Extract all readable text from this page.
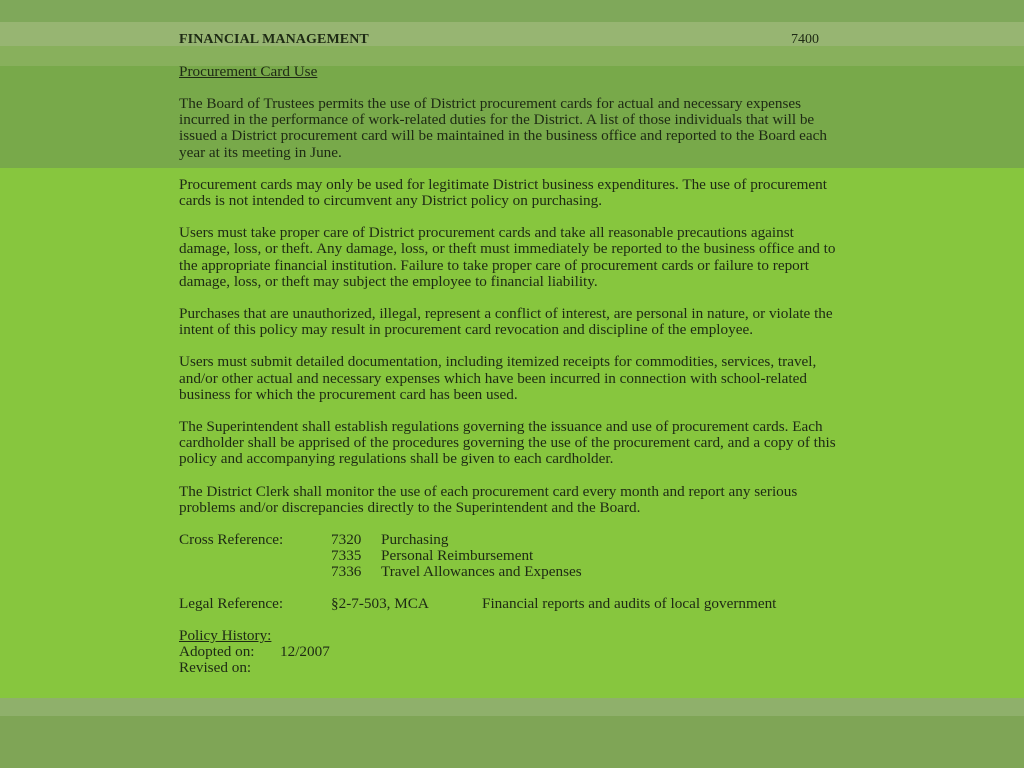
FINANCIAL MANAGEMENT	7400
Procurement Card Use

The Board of Trustees permits the use of District procurement cards for actual and necessary expenses incurred in the performance of work-related duties for the District. A list of those individuals that will be issued a District procurement card will be maintained in the business office and reported to the Board each year at its meeting in June.

Procurement cards may only be used for legitimate District business expenditures. The use of procurement cards is not intended to circumvent any District policy on purchasing.

Users must take proper care of District procurement cards and take all reasonable precautions against damage, loss, or theft. Any damage, loss, or theft must immediately be reported to the business office and to the appropriate financial institution. Failure to take proper care of procurement cards or failure to report damage, loss, or theft may subject the employee to financial liability.

Purchases that are unauthorized, illegal, represent a conflict of interest, are personal in nature, or violate the intent of this policy may result in procurement card revocation and discipline of the employee.

Users must submit detailed documentation, including itemized receipts for commodities, services, travel, and/or other actual and necessary expenses which have been incurred in connection with school-related business for which the procurement card has been used.

The Superintendent shall establish regulations governing the issuance and use of procurement cards. Each cardholder shall be apprised of the procedures governing the use of the procurement card, and a copy of this policy and accompanying regulations shall be given to each cardholder.

The District Clerk shall monitor the use of each procurement card every month and report any serious problems and/or discrepancies directly to the Superintendent and the Board.

Cross Reference:	7320	Purchasing
7335	Personal Reimbursement
7336	Travel Allowances and Expenses
Legal Reference:	§2-7-503, MCA	Financial reports and audits of local government
Policy History:
Adopted on:	12/2007
Revised on:
